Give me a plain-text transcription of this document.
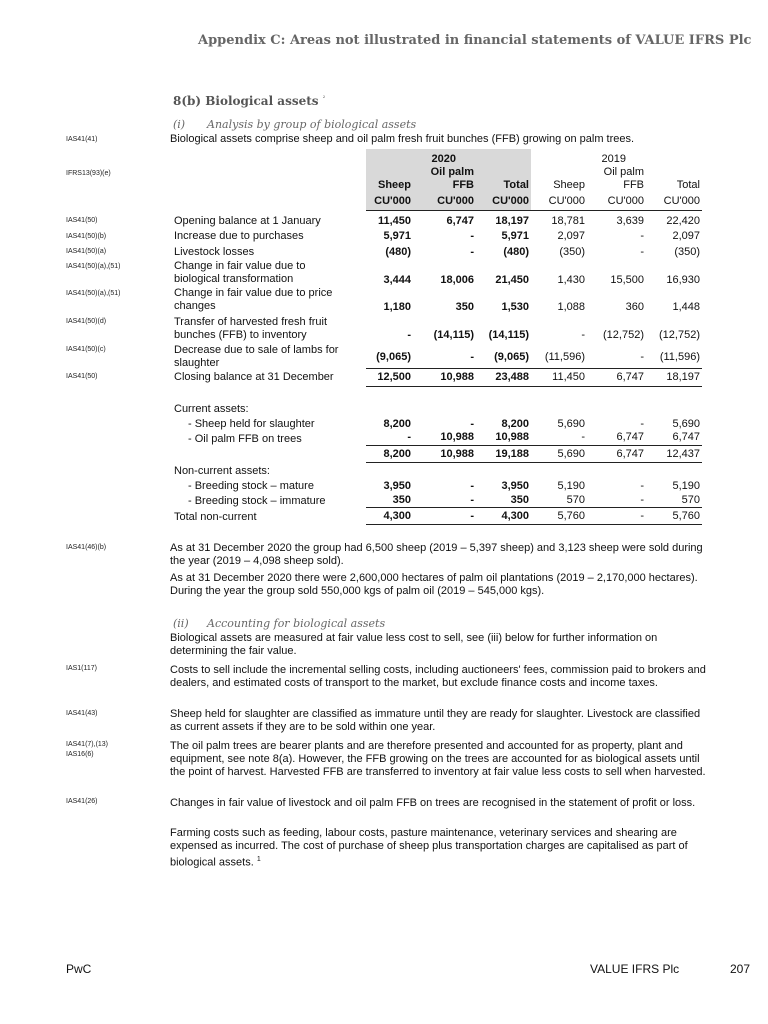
Appendix C: Areas not illustrated in financial statements of VALUE IFRS Plc
8(b) Biological assets $^{^2}$
(i) Analysis by group of biological assets
IAS41(41)
IFRS13(93)(e)
IAS41(50)
IAS41(50)(b)
IAS41(50)(a)
IAS41(50)(a),(51)
IAS41(50)(a),(51)
IAS41(50)(d)
IAS41(50)(c)
IAS41(50)
IAS41(46)(b)
IAS1(117)
IAS41(43)
IAS41(7),(13)
IAS16(6)
IAS41(26)
Biological assets comprise sheep and oil palm fresh fruit bunches (FFB) growing on palm trees.
2020	2019
Oil palm	Oil palm
Sheep	FFB	Total	Sheep	FFB	Total
CU'000	CU'000	CU'000	CU'000	CU'000	CU'000
Opening balance at 1 January	11,450	6,747	18,197	18,781	3,639	22,420
Increase due to purchases	5,971	-	5,971	2,097	-	2,097
Livestock losses	(480)	-	(480)	(350)	-	(350)
Change in fair value due to biological transformation	3,444	18,006	21,450	1,430	15,500	16,930
Change in fair value due to price changes	1,180	350	1,530	1,088	360	1,448
Transfer of harvested fresh fruit bunches (FFB) to inventory	-	(14,115)	(14,115)	-	(12,752)	(12,752)
Decrease due to sale of lambs for slaughter	(9,065)	-	(9,065)	(11,596)	-	(11,596)
Closing balance at 31 December	12,500	10,988	23,488	11,450	6,747	18,197
Current assets:
- Sheep held for slaughter	8,200	-	8,200	5,690	-	5,690
- Oil palm FFB on trees	-	10,988	10,988	-	6,747	6,747
8,200	10,988	19,188	5,690	6,747	12,437
Non-current assets:
- Breeding stock – mature	3,950	-	3,950	5,190	-	5,190
- Breeding stock – immature	350	-	350	570	-	570
Total non-current	4,300	-	4,300	5,760	-	5,760
As at 31 December 2020 the group had 6,500 sheep (2019 – 5,397 sheep) and 3,123 sheep were sold during the year (2019 – 4,098 sheep sold).
As at 31 December 2020 there were 2,600,000 hectares of palm oil plantations (2019 – 2,170,000 hectares). During the year the group sold 550,000 kgs of palm oil (2019 – 545,000 kgs).
(ii) Accounting for biological assets
Biological assets are measured at fair value less cost to sell, see (iii) below for further information on determining the fair value.
Costs to sell include the incremental selling costs, including auctioneers' fees, commission paid to brokers and dealers, and estimated costs of transport to the market, but exclude finance costs and income taxes.
Sheep held for slaughter are classified as immature until they are ready for slaughter. Livestock are classified as current assets if they are to be sold within one year.
The oil palm trees are bearer plants and are therefore presented and accounted for as property, plant and equipment, see note 8(a). However, the FFB growing on the trees are accounted for as biological assets until the point of harvest. Harvested FFB are transferred to inventory at fair value less costs to sell when harvested.
Changes in fair value of livestock and oil palm FFB on trees are recognised in the statement of profit or loss.
Farming costs such as feeding, labour costs, pasture maintenance, veterinary services and shearing are expensed as incurred. The cost of purchase of sheep plus transportation charges are capitalised as part of biological assets. $^1$
PwC	VALUE IFRS Plc	207
